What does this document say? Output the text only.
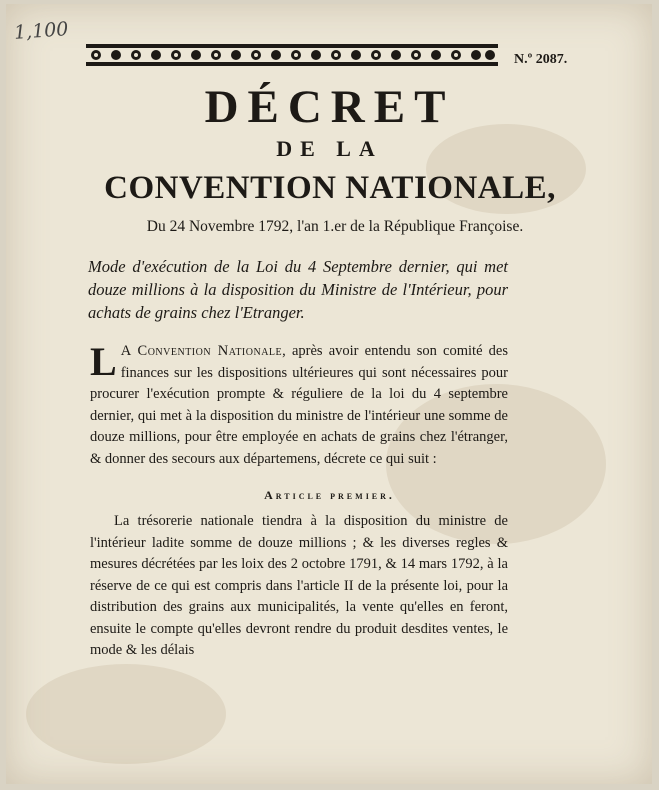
1,100
N.º 2087.
DÉCRET
DE LA
CONVENTION NATIONALE,
Du 24 Novembre 1792, l'an 1.er de la République Françoise.
Mode d'exécution de la Loi du 4 Septembre dernier, qui met douze millions à la disposition du Ministre de l'Intérieur, pour achats de grains chez l'Etranger.
L A Convention Nationale, après avoir entendu son comité des finances sur les dispositions ultérieures qui sont nécessaires pour procurer l'exécution prompte & réguliere de la loi du 4 septembre dernier, qui met à la disposition du ministre de l'intérieur une somme de douze millions, pour être employée en achats de grains chez l'étranger, & donner des secours aux départemens, décrete ce qui suit :
Article premier.
La trésorerie nationale tiendra à la disposition du ministre de l'intérieur ladite somme de douze millions ; & les diverses regles & mesures décrétées par les loix des 2 octobre 1791, & 14 mars 1792, à la réserve de ce qui est compris dans l'article II de la présente loi, pour la distribution des grains aux municipalités, la vente qu'elles en feront, ensuite le compte qu'elles devront rendre du produit desdites ventes, le mode & les délais
